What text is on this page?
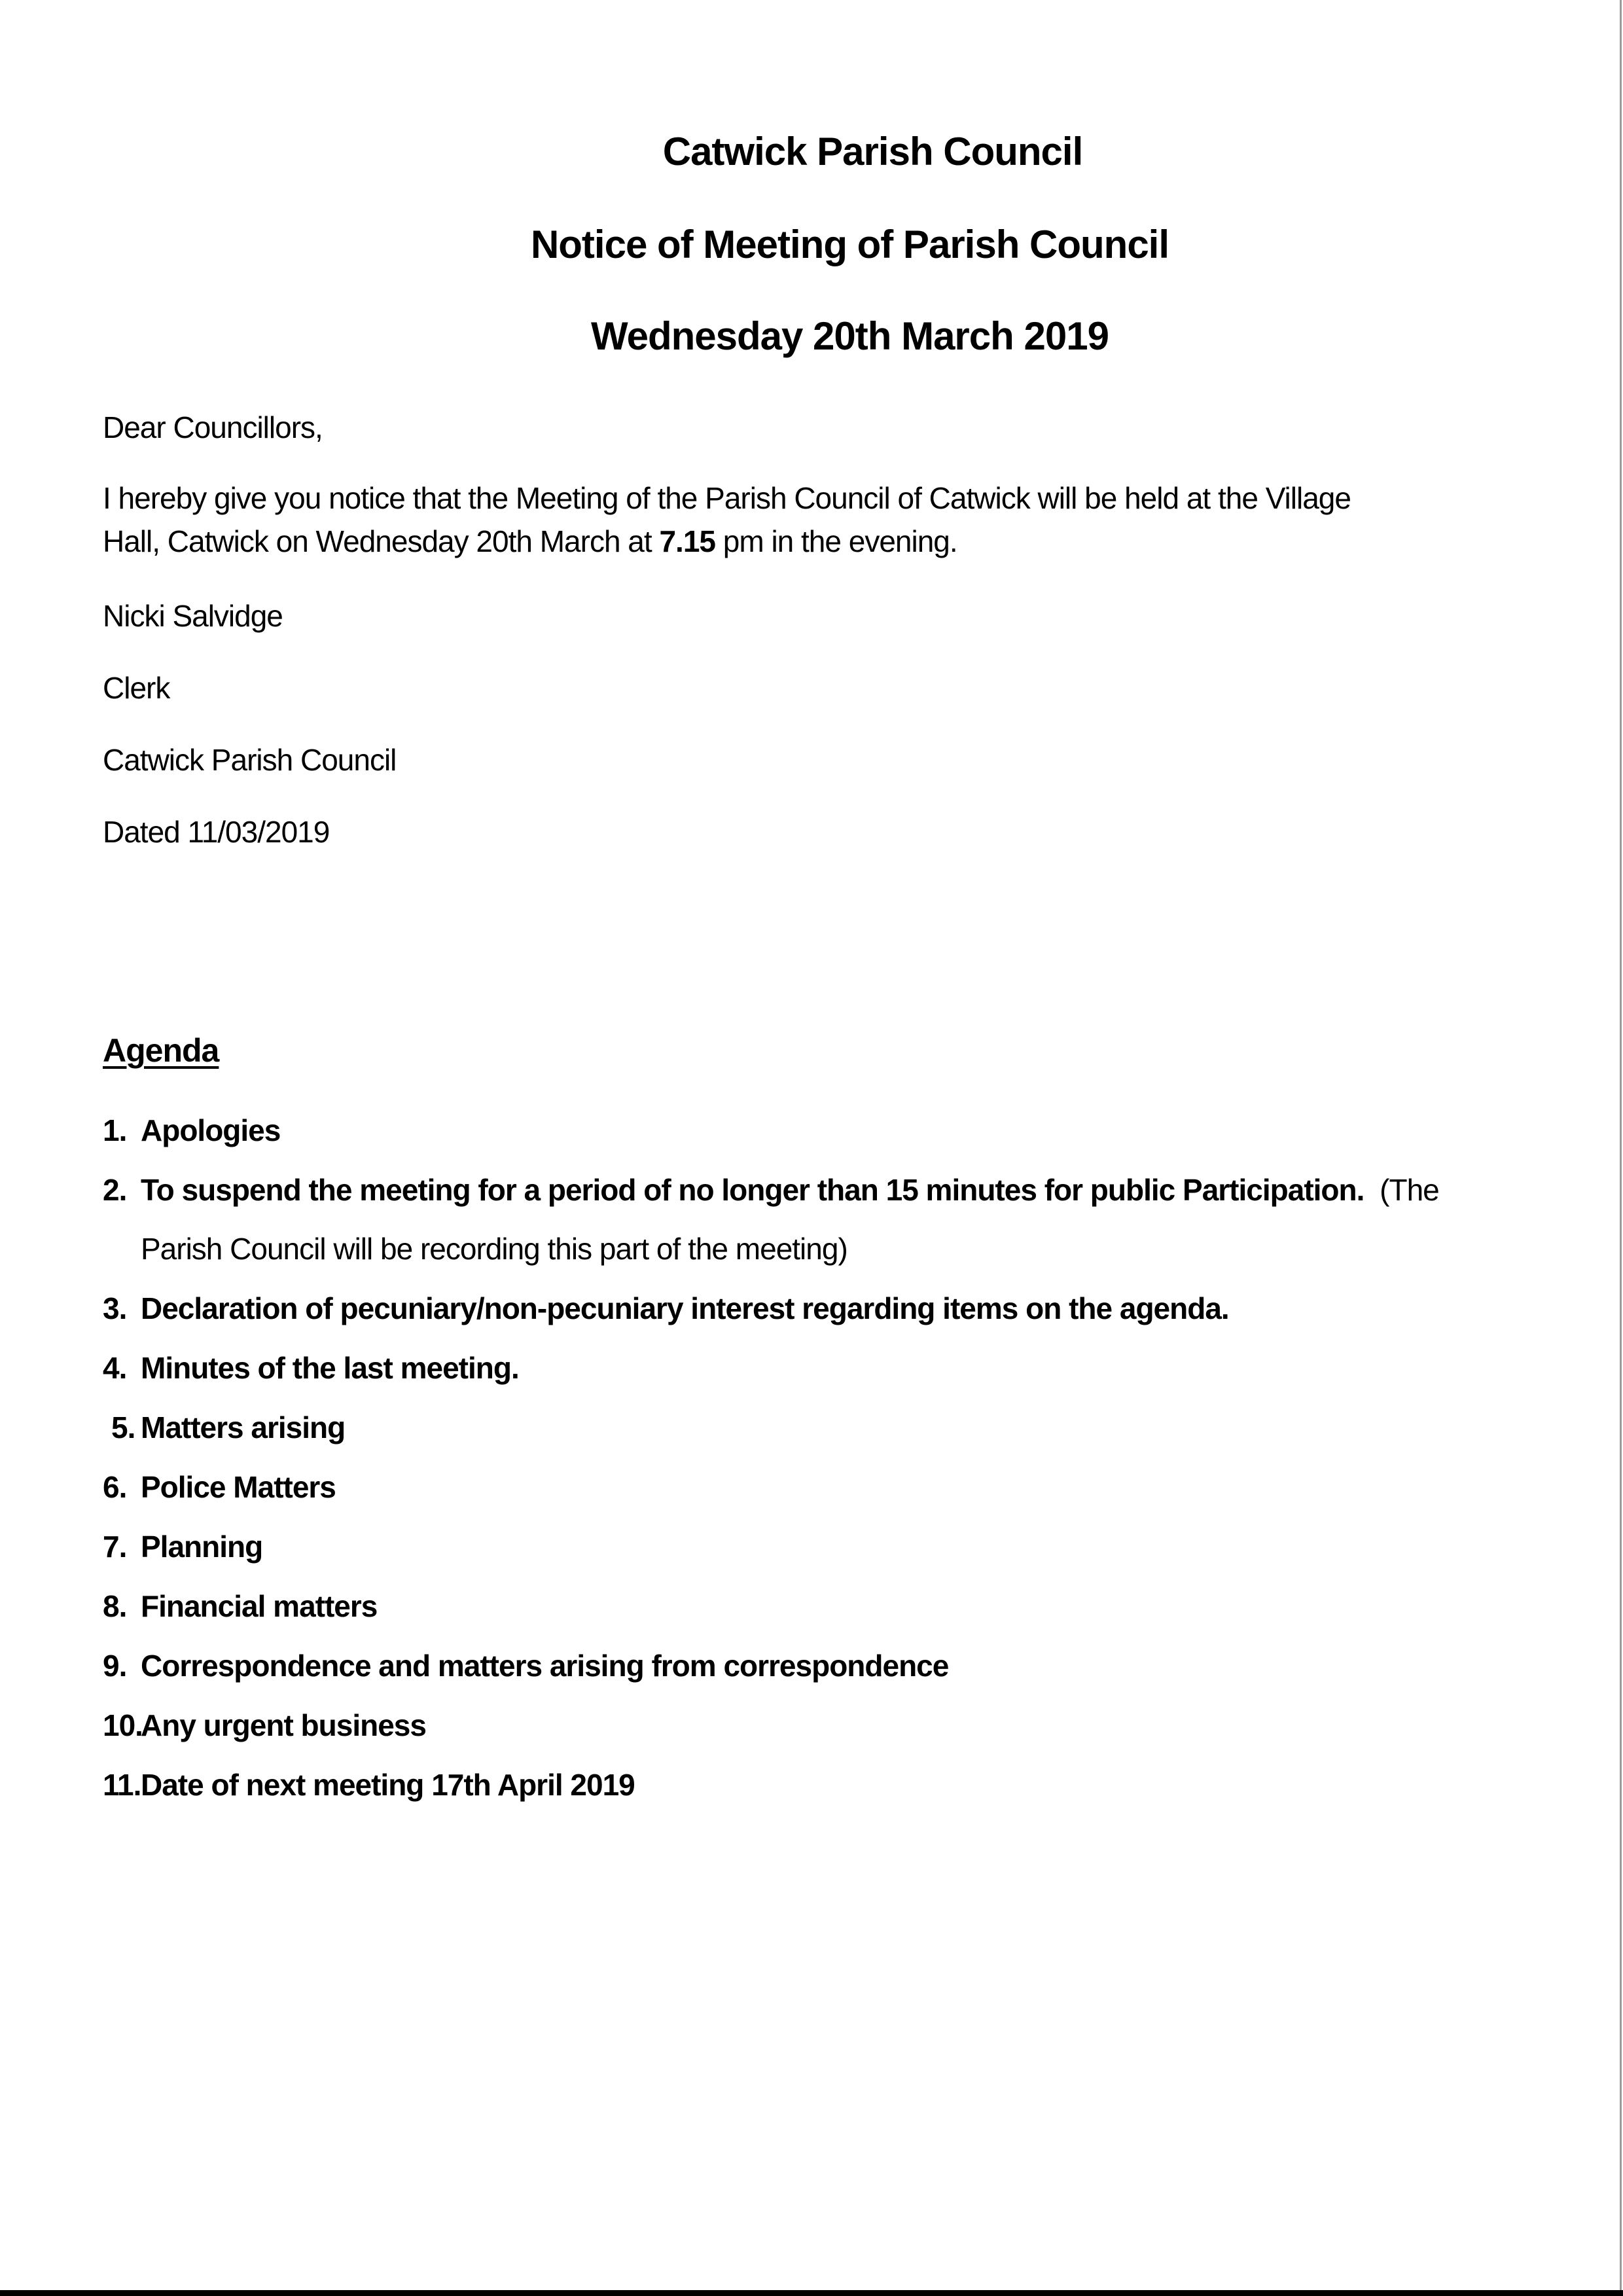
Catwick Parish Council
Notice of Meeting of Parish Council
Wednesday 20th March 2019
Dear Councillors,
I hereby give you notice that the Meeting of the Parish Council of Catwick will be held at the Village
Hall, Catwick on Wednesday 20th March at 7.15 pm in the evening.
Nicki Salvidge
Clerk
Catwick Parish Council
Dated 11/03/2019
Agenda
1. Apologies
2. To suspend the meeting for a period of no longer than 15 minutes for public Participation. (The
Parish Council will be recording this part of the meeting)
3. Declaration of pecuniary/non-pecuniary interest regarding items on the agenda.
4. Minutes of the last meeting.
5. Matters arising
6. Police Matters
7. Planning
8. Financial matters
9. Correspondence and matters arising from correspondence
10.
Any urgent business
11. Date of next meeting 17th April 2019
